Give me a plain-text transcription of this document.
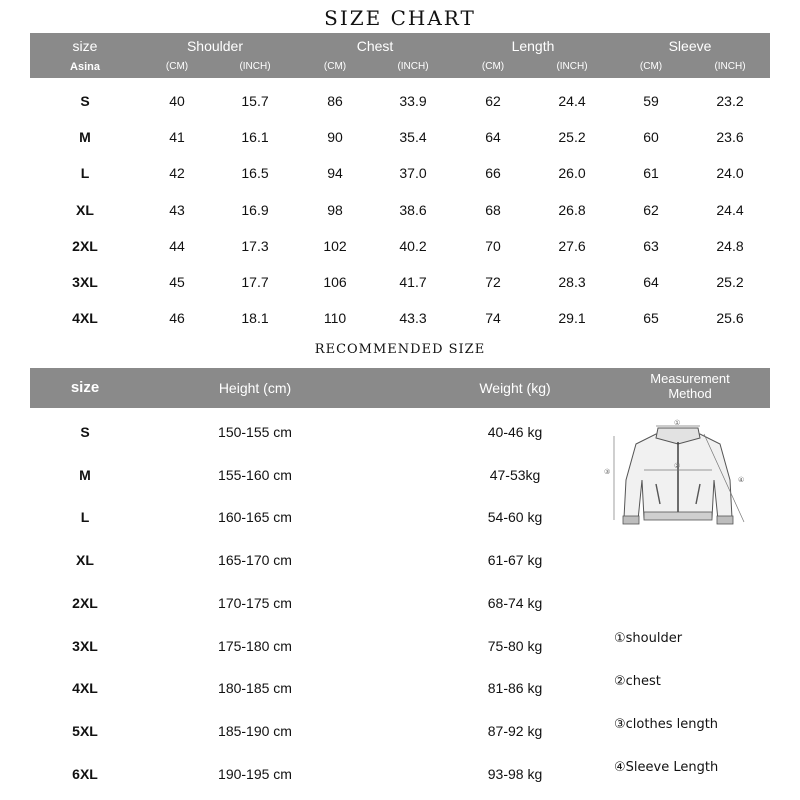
SIZE CHART
size	Shoulder	Chest	Length	Sleeve
Asina	(CM)	(INCH)	(CM)	(INCH)	(CM)	(INCH)	(CM)	(INCH)
S	40	15.7	86	33.9	62	24.4	59	23.2
M	41	16.1	90	35.4	64	25.2	60	23.6
L	42	16.5	94	37.0	66	26.0	61	24.0
XL	43	16.9	98	38.6	68	26.8	62	24.4
2XL	44	17.3	102	40.2	70	27.6	63	24.8
3XL	45	17.7	106	41.7	72	28.3	64	25.2
4XL	46	18.1	110	43.3	74	29.1	65	25.6
RECOMMENDED SIZE
size	Height (cm)	Weight (kg)
Measurement
Method
S	150-155 cm	40-46 kg
M	155-160 cm	47-53kg
L	160-165 cm	54-60 kg
XL	165-170 cm	61-67 kg
2XL	170-175 cm	68-74 kg
3XL	175-180 cm	75-80 kg
4XL	180-185 cm	81-86 kg
5XL	185-190 cm	87-92 kg
6XL	190-195 cm	93-98 kg
①
②
③
④
①shoulder
②chest
③clothes length
④Sleeve Length
